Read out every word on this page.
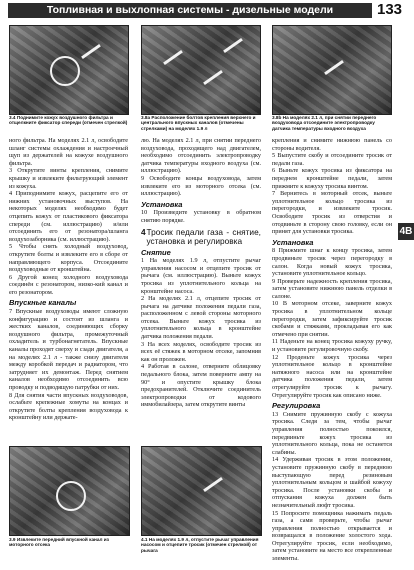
Топливная и выхлопная системы - дизельные модели	133
3.4 Поднимите кожух воздушного фильтра и отщелкните фиксатор спереди (отмечен стрелкой)
3.8а Расположение болтов крепления верхнего и центрального впускных каналов (отмечены стрелками) на моделях 1.9 л
3.8b На моделях 2.1 л, при снятии переднего воздуховода отсоедините электропроводку датчика температуры входного воздуха

ного фильтра. На моделях 2.1 л, освободите шланг системы охлаждения и настроечный щуп из держателей на кожухе воздушного фильтра.

3 Открутите винты крепления, снимите крышку и извлеките фильтрующий элемент из кожуха.

4 Приподнимите кожух, расцепите его от нижних установочных выступов. На некоторых моделях необходимо будет отцепить кожух от пластикового фиксатора спереди (см. иллюстрацию) и/или отсоединить его от резонатора/шланга воздухозаборника (см. иллюстрацию).

5 Чтобы снять холодный воздуховод, открутите болты и извлеките его в сборе от направляющего корпуса. Отсоедините воздуховодные от кронштейна.

6 Другой конец холодного воздуховода соединён с резонатором, низко-кий канал и его резонатором.

Впускные каналы

7 Впускные воздуховоды имеют сложную конфигурацию и состоят из шланга и жестких каналов, соединяющих сборку воздушного фильтра, промежуточный охладитель и турбонагнетатель. Впускные каналы проходят сверху и сзади двигателя, а на моделях 2.1 л - также снизу двигателя между коробкой передач и радиатором, что затрудняет их демонтаж. Перед снятием каналов необходимо отсоединить всю проводку и подводящую патрубки от них.

8 Для снятия части впускных воздуховодов, ослабьте крепежные хомуты на концах и открутите болты крепления воздуховода к кронштейну или держате-

лю. На моделях 2.1 л, при снятии переднего воздуховода, проходящего над двигателем, необходимо отсоединить электропроводку датчика температуры входного воздуха (см. иллюстрацию).

9 Освободите концы воздуховода, затем извлеките его из моторного отсека (см. иллюстрацию).

Установка

10 Произведите установку в обратном снятию порядке.

4 Тросик педали газа - снятие, установка и регулировка
Снятие

1 На моделях 1.9 л, отпустите рычаг управления насосом и отцепите тросик от рычага (см. иллюстрацию). Выньте кожух тросика из уплотнительного кольца на кронштейне насоса.

2 На моделях 2.1 л, отцепите тросик от рычага на датчике положения педали газа, расположенном с левой стороны моторного отсека. Выньте кожух тросика из уплотнительного кольца в кронштейне датчика положения педали.

3 На всех моделях, освободите тросик из всех её стяжек в моторном отсеке, запомнив как он проложен.

4 Работая в салоне, отверните облицовку педального блока, затем поверните ампу на 90° и опустите крышку блока предохранителей. Отключите соединитель электропроводки от кодового иммобилайзера, затем открутите винты

крепления и снимите нижнюю панель со стороны водителя.

5 Выпустите скобу и отсоедините тросик от педали газа.

6 Выньте кожух тросика из фиксатора на переднем кронштейне педали, затем прижмите к кожуху тросика винтом.

7 Вернитесь в моторный отсек, выньте уплотнительное кольцо тросика из перегородки, и извлеките тросик. Освободите тросик из отверстия и отодвиньте в сторону свою головку, если он принят для установки тросика.

Установка

8 Прижмите шнаг к концу тросика, затем продвиньте тросик через перегородку в салон. Когда новый кожух тросика, установите уплотнительное кольцо.

9 Проверьте надежность крепления тросика, затем установите нижнюю панель отделки в салоне.

10 В моторном отсеке, заверните кожух тросика в уплотнительном кольце перегородки, затем зафиксируйте тросик скобами и стяжками, прокладывая его как отмечено при снятии.

11 Наденьте на конец тросика кожуху ручку, и установите регулировочную скобу.

12 Проденьте кожух тросика через уплотнительное кольцо в кронштейне натяжного насоса или на кронштейне датчика положения педали, затем отрегулируйте тросик к рычагу. Отрегулируйте тросик как описано ниже.

Регулировка

13 Снимите пружинную скобу с кожуха тросика. Следя за тем, чтобы рычаг управления полностью покоился, передвиньте кожух тросика из уплотнительного кольца, пока не останется слабины.

14 Удерживая тросик в этом положении, установите пружинную скобу в переднюю выступающую перед резиновым уплотнительным кольцом и шайбой кожуху тросика. После установки скобы и отпускания кожуха должен быть незначительный люфт тросика.

15 Попросите помощника нажимать педаль газа, а сами проверьте, чтобы рычаг управления полностью открывается и возвращался в положение холостого хода. Отрегулируйте тросик, если необходимо, затем установите на место все открепленные элементы.

4B
3.9 Извлеките передний впускной канал из моторного отсека
4.1 На моделях 1.9 л, отпустите рычаг управления насосом и отцепите тросик (отмечен стрелкой) от рычага
